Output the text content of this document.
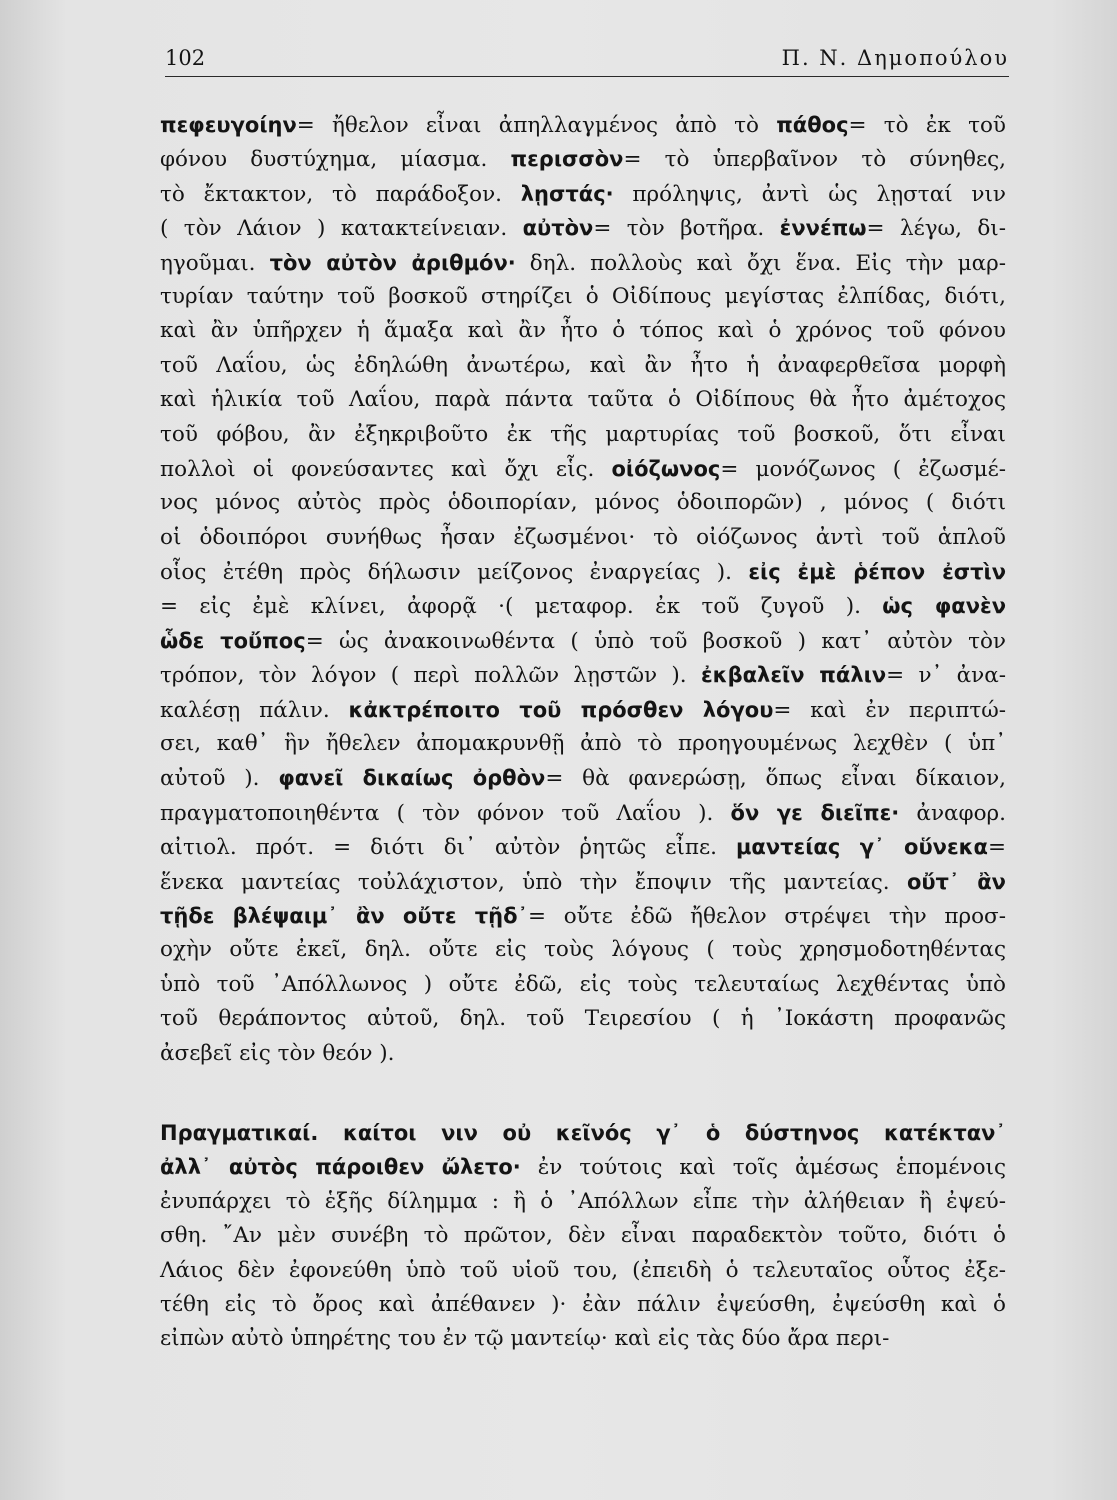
102	Π. Ν. Δημοπούλου
πεφευγοίην= ἤθελον εἶναι ἀπηλλαγμένος ἀπὸ τὸ πάθος= τὸ ἐκ τοῦ
φόνου δυστύχημα, μίασμα. περισσὸν= τὸ ὑπερβαῖνον τὸ σύνηθες,
τὸ ἔκτακτον, τὸ παράδοξον. λῃστάς· πρόληψις, ἀντὶ ὡς λῃσταί νιν
( τὸν Λάιον ) κατακτείνειαν. αὐτὸν= τὸν βοτῆρα. ἐννέπω= λέγω, δι-
ηγοῦμαι. τὸν αὐτὸν ἀριθμόν· δηλ. πολλοὺς καὶ ὄχι ἕνα. Εἰς τὴν μαρ-
τυρίαν ταύτην τοῦ βοσκοῦ στηρίζει ὁ Οἰδίπους μεγίστας ἐλπίδας, διότι,
καὶ ἂν ὑπῆρχεν ἡ ἅμαξα καὶ ἂν ἦτο ὁ τόπος καὶ ὁ χρόνος τοῦ φόνου
τοῦ Λαΐου, ὡς ἐδηλώθη ἀνωτέρω, καὶ ἂν ἦτο ἡ ἀναφερθεῖσα μορφὴ
καὶ ἡλικία τοῦ Λαΐου, παρὰ πάντα ταῦτα ὁ Οἰδίπους θὰ ἦτο ἀμέτοχος
τοῦ φόβου, ἂν ἐξηκριβοῦτο ἐκ τῆς μαρτυρίας τοῦ βοσκοῦ, ὅτι εἶναι
πολλοὶ οἱ φονεύσαντες καὶ ὄχι εἷς. οἰόζωνος= μονόζωνος ( ἐζωσμέ-
νος μόνος αὐτὸς πρὸς ὁδοιπορίαν, μόνος ὁδοιπορῶν) , μόνος ( διότι
οἱ ὁδοιπόροι συνήθως ἦσαν ἐζωσμένοι· τὸ οἰόζωνος ἀντὶ τοῦ ἁπλοῦ
οἷος ἐτέθη πρὸς δήλωσιν μείζονος ἐναργείας ). εἰς ἐμὲ ῥέπον ἐστὶν
= εἰς ἐμὲ κλίνει, ἀφορᾷ ·( μεταφορ. ἐκ τοῦ ζυγοῦ ). ὡς φανὲν
ὧδε τοὔπος= ὡς ἀνακοινωθέντα ( ὑπὸ τοῦ βοσκοῦ ) κατ᾽ αὐτὸν τὸν
τρόπον, τὸν λόγον ( περὶ πολλῶν λῃστῶν ). ἐκβαλεῖν πάλιν= ν᾽ ἀνα-
καλέσῃ πάλιν. κἀκτρέποιτο τοῦ πρόσθεν λόγου= καὶ ἐν περιπτώ-
σει, καθ᾽ ἣν ἤθελεν ἀπομακρυνθῇ ἀπὸ τὸ προηγουμένως λεχθὲν ( ὑπ᾽
αὐτοῦ ). φανεῖ δικαίως ὀρθὸν= θὰ φανερώσῃ, ὅπως εἶναι δίκαιον,
πραγματοποιηθέντα ( τὸν φόνον τοῦ Λαΐου ). ὅν γε διεῖπε· ἀναφορ.
αἰτιολ. πρότ. = διότι δι᾽ αὐτὸν ῥητῶς εἶπε. μαντείας γ᾽ οὕνεκα=
ἕνεκα μαντείας τοὐλάχιστον, ὑπὸ τὴν ἔποψιν τῆς μαντείας. οὔτ᾽ ἂν
τῇδε βλέψαιμ᾽ ἂν οὔτε τῇδ᾽= οὔτε ἐδῶ ἤθελον στρέψει τὴν προσ-
οχὴν οὔτε ἐκεῖ, δηλ. οὔτε εἰς τοὺς λόγους ( τοὺς χρησμοδοτηθέντας
ὑπὸ τοῦ ᾽Απόλλωνος ) οὔτε ἐδῶ, εἰς τοὺς τελευταίως λεχθέντας ὑπὸ
τοῦ θεράποντος αὐτοῦ, δηλ. τοῦ Τειρεσίου ( ἡ ᾽Ιοκάστη προφανῶς
ἀσεβεῖ εἰς τὸν θεόν ).
Πραγματικαί. καίτοι νιν οὐ κεῖνός γ᾽ ὁ δύστηνος κατέκταν᾽
ἀλλ᾽ αὐτὸς πάροιθεν ὤλετο· ἐν τούτοις καὶ τοῖς ἀμέσως ἑπομένοις
ἐνυπάρχει τὸ ἑξῆς δίλημμα : ἢ ὁ ᾽Απόλλων εἶπε τὴν ἀλήθειαν ἢ ἐψεύ-
σθη. ῎Αν μὲν συνέβη τὸ πρῶτον, δὲν εἶναι παραδεκτὸν τοῦτο, διότι ὁ
Λάιος δὲν ἐφονεύθη ὑπὸ τοῦ υἱοῦ του, (ἐπειδὴ ὁ τελευταῖος οὗτος ἐξε-
τέθη εἰς τὸ ὄρος καὶ ἀπέθανεν )· ἐὰν πάλιν ἐψεύσθη, ἐψεύσθη καὶ ὁ
εἰπὼν αὐτὸ ὑπηρέτης του ἐν τῷ μαντείῳ· καὶ εἰς τὰς δύο ἄρα περι-
